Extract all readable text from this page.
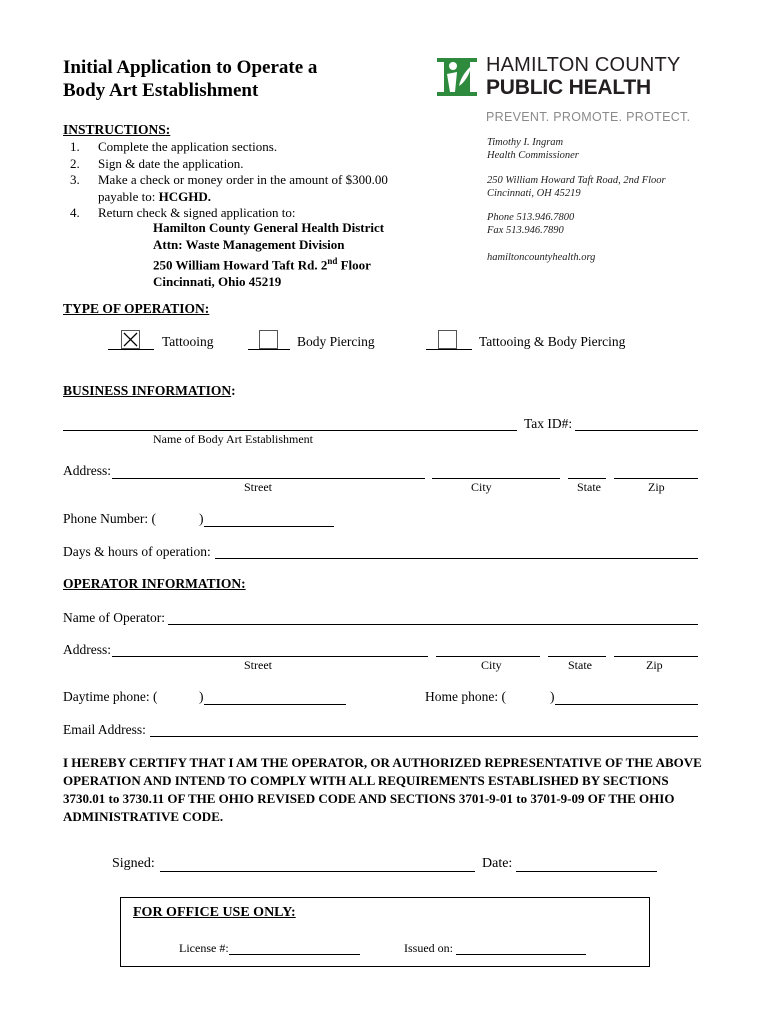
Initial Application to Operate a
Body Art Establishment
HAMILTON COUNTY
PUBLIC HEALTH
PREVENT. PROMOTE. PROTECT.
Timothy I. Ingram
Health Commissioner
250 William Howard Taft Road, 2nd Floor
Cincinnati, OH 45219
Phone 513.946.7800
Fax 513.946.7890
hamiltoncountyhealth.org
INSTRUCTIONS:
1.	Complete the application sections.
2.	Sign & date the application.
3.	Make a check or money order in the amount of $300.00
payable to: HCGHD.
4.	Return check & signed application to:
Hamilton County General Health District
Attn: Waste Management Division
250 William Howard Taft Rd. 2nd Floor
Cincinnati, Ohio 45219
TYPE OF OPERATION:
Tattooing	Body Piercing	Tattooing & Body Piercing
BUSINESS INFORMATION:
Tax ID#:
Name of Body Art Establishment
Address:
Street	City	State	Zip
Phone Number: (	)
Days & hours of operation:
OPERATOR INFORMATION:
Name of Operator:
Address:
Street	City	State	Zip
Daytime phone: (	)	Home phone: (	)
Email Address:
I HEREBY CERTIFY THAT I AM THE OPERATOR, OR AUTHORIZED REPRESENTATIVE OF THE ABOVE OPERATION AND INTEND TO COMPLY WITH ALL REQUIREMENTS ESTABLISHED BY SECTIONS 3730.01 to 3730.11 OF THE OHIO REVISED CODE AND SECTIONS 3701-9-01 to 3701-9-09 OF THE OHIO ADMINISTRATIVE CODE.
Signed:	Date:
FOR OFFICE USE ONLY:
License #:	Issued on:
